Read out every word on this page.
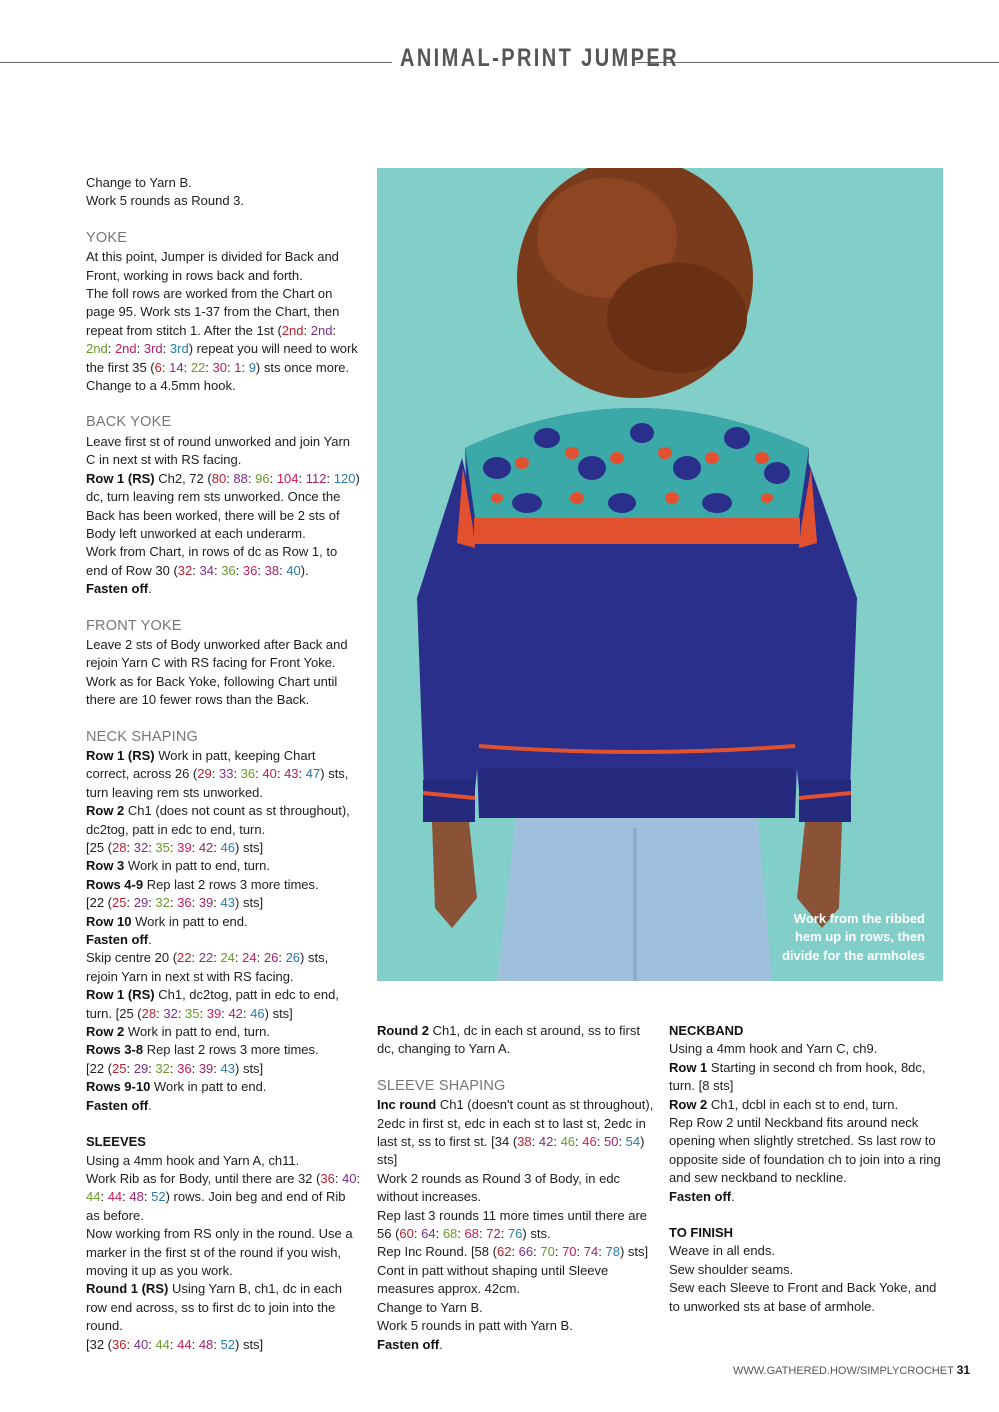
ANIMAL-PRINT JUMPER

Change to Yarn B.

Work 5 rounds as Round 3.

YOKE

At this point, Jumper is divided for Back and Front, working in rows back and forth.

The foll rows are worked from the Chart on page 95. Work sts 1-37 from the Chart, then repeat from stitch 1. After the 1st (2nd: 2nd: 2nd: 2nd: 3rd: 3rd) repeat you will need to work the first 35 (6: 14: 22: 30: 1: 9) sts once more.

Change to a 4.5mm hook.

BACK YOKE

Leave first st of round unworked and join Yarn C in next st with RS facing.

Row 1 (RS) Ch2, 72 (80: 88: 96: 104: 112: 120) dc, turn leaving rem sts unworked. Once the Back has been worked, there will be 2 sts of Body left unworked at each underarm.

Work from Chart, in rows of dc as Row 1, to end of Row 30 (32: 34: 36: 36: 38: 40).

Fasten off.

FRONT YOKE

Leave 2 sts of Body unworked after Back and rejoin Yarn C with RS facing for Front Yoke. Work as for Back Yoke, following Chart until there are 10 fewer rows than the Back.

NECK SHAPING

Row 1 (RS) Work in patt, keeping Chart correct, across 26 (29: 33: 36: 40: 43: 47) sts, turn leaving rem sts unworked.

Row 2 Ch1 (does not count as st throughout), dc2tog, patt in edc to end, turn.

[25 (28: 32: 35: 39: 42: 46) sts]

Row 3 Work in patt to end, turn.

Rows 4-9 Rep last 2 rows 3 more times.

[22 (25: 29: 32: 36: 39: 43) sts]

Row 10 Work in patt to end.

Fasten off.

Skip centre 20 (22: 22: 24: 24: 26: 26) sts, rejoin Yarn in next st with RS facing.

Row 1 (RS) Ch1, dc2tog, patt in edc to end, turn. [25 (28: 32: 35: 39: 42: 46) sts]

Row 2 Work in patt to end, turn.

Rows 3-8 Rep last 2 rows 3 more times.

[22 (25: 29: 32: 36: 39: 43) sts]

Rows 9-10 Work in patt to end.

Fasten off.

SLEEVES

Using a 4mm hook and Yarn A, ch11.

Work Rib as for Body, until there are 32 (36: 40: 44: 44: 48: 52) rows. Join beg and end of Rib as before.

Now working from RS only in the round. Use a marker in the first st of the round if you wish, moving it up as you work.

Round 1 (RS) Using Yarn B, ch1, dc in each row end across, ss to first dc to join into the round.

[32 (36: 40: 44: 44: 48: 52) sts]

Work from the ribbed hem up in rows, then divide for the armholes

Round 2 Ch1, dc in each st around, ss to first dc, changing to Yarn A.

SLEEVE SHAPING

Inc round Ch1 (doesn't count as st throughout), 2edc in first st, edc in each st to last st, 2edc in last st, ss to first st. [34 (38: 42: 46: 46: 50: 54) sts]

Work 2 rounds as Round 3 of Body, in edc without increases.

Rep last 3 rounds 11 more times until there are 56 (60: 64: 68: 68: 72: 76) sts.

Rep Inc Round. [58 (62: 66: 70: 70: 74: 78) sts]

Cont in patt without shaping until Sleeve measures approx. 42cm.

Change to Yarn B.

Work 5 rounds in patt with Yarn B.

Fasten off.

NECKBAND

Using a 4mm hook and Yarn C, ch9.

Row 1 Starting in second ch from hook, 8dc, turn. [8 sts]

Row 2 Ch1, dcbl in each st to end, turn.

Rep Row 2 until Neckband fits around neck opening when slightly stretched. Ss last row to opposite side of foundation ch to join into a ring and sew neckband to neckline.

Fasten off.

TO FINISH

Weave in all ends.

Sew shoulder seams.

Sew each Sleeve to Front and Back Yoke, and to unworked sts at base of armhole.

WWW.GATHERED.HOW/SIMPLYCROCHET 31
